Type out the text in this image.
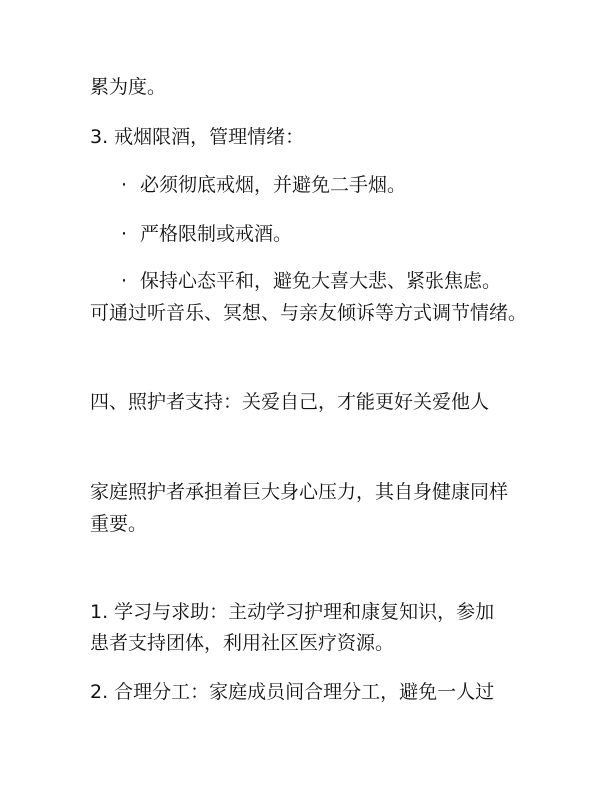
累为度。

3. 戒烟限酒，管理情绪：

· 必须彻底戒烟，并避免二手烟。

· 严格限制或戒酒。

· 保持心态平和，避免大喜大悲、紧张焦虑。

可通过听音乐、冥想、与亲友倾诉等方式调节情绪。

四、照护者支持：关爱自己，才能更好关爱他人

家庭照护者承担着巨大身心压力，其自身健康同样

重要。

1. 学习与求助：主动学习护理和康复知识，参加

患者支持团体，利用社区医疗资源。

2. 合理分工：家庭成员间合理分工，避免一人过
